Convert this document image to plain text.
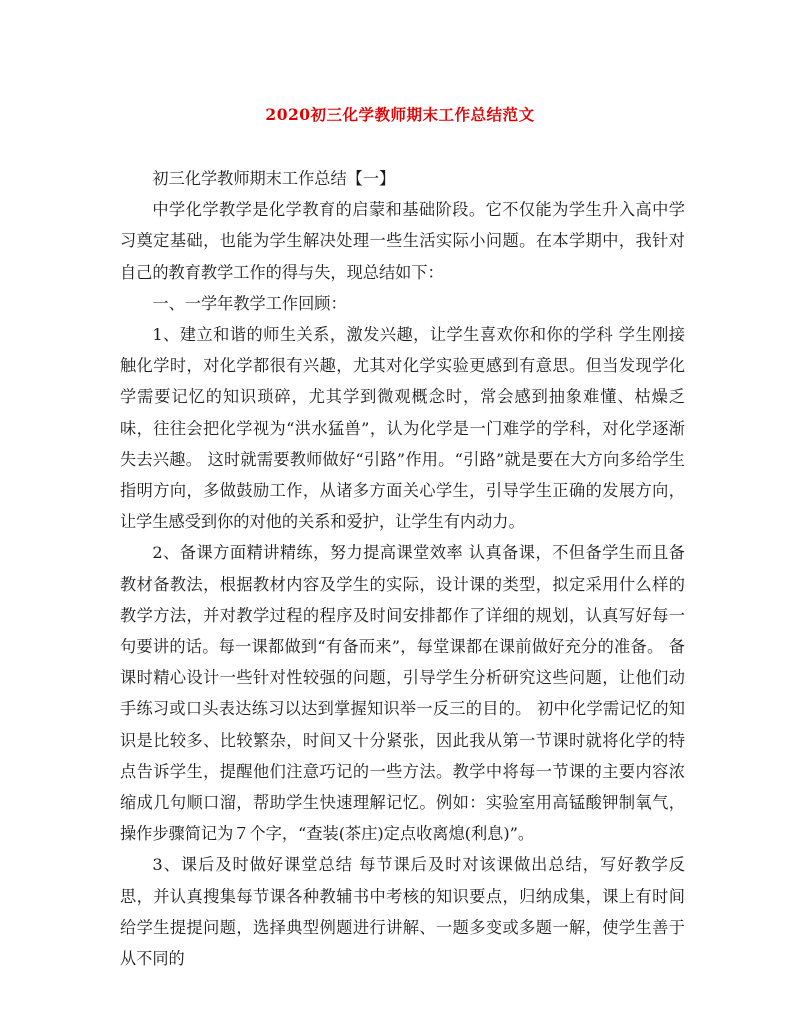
2020初三化学教师期末工作总结范文

初三化学教师期末工作总结【一】

中学化学教学是化学教育的启蒙和基础阶段。它不仅能为学生升入高中学习奠定基础，也能为学生解决处理一些生活实际小问题。在本学期中，我针对自己的教育教学工作的得与失，现总结如下：

一、一学年教学工作回顾：

1、建立和谐的师生关系，激发兴趣，让学生喜欢你和你的学科 学生刚接触化学时，对化学都很有兴趣，尤其对化学实验更感到有意思。但当发现学化学需要记忆的知识琐碎，尤其学到微观概念时，常会感到抽象难懂、枯燥乏味，往往会把化学视为“洪水猛兽”，认为化学是一门难学的学科，对化学逐渐失去兴趣。 这时就需要教师做好“引路”作用。“引路”就是要在大方向多给学生指明方向，多做鼓励工作，从诸多方面关心学生，引导学生正确的发展方向，让学生感受到你的对他的关系和爱护，让学生有内动力。

2、备课方面精讲精练，努力提高课堂效率 认真备课，不但备学生而且备教材备教法，根据教材内容及学生的实际，设计课的类型，拟定采用什么样的教学方法，并对教学过程的程序及时间安排都作了详细的规划，认真写好每一句要讲的话。每一课都做到“有备而来”，每堂课都在课前做好充分的准备。 备课时精心设计一些针对性较强的问题，引导学生分析研究这些问题，让他们动手练习或口头表达练习以达到掌握知识举一反三的目的。 初中化学需记忆的知识是比较多、比较繁杂，时间又十分紧张，因此我从第一节课时就将化学的特点告诉学生，提醒他们注意巧记的一些方法。教学中将每一节课的主要内容浓缩成几句顺口溜，帮助学生快速理解记忆。例如：实验室用高锰酸钾制氧气，操作步骤简记为７个字，“查装(茶庄)定点收离熄(利息)”。

3、课后及时做好课堂总结 每节课后及时对该课做出总结，写好教学反思，并认真搜集每节课各种教辅书中考核的知识要点，归纳成集，课上有时间给学生提提问题，选择典型例题进行讲解、一题多变或多题一解，使学生善于从不同的
